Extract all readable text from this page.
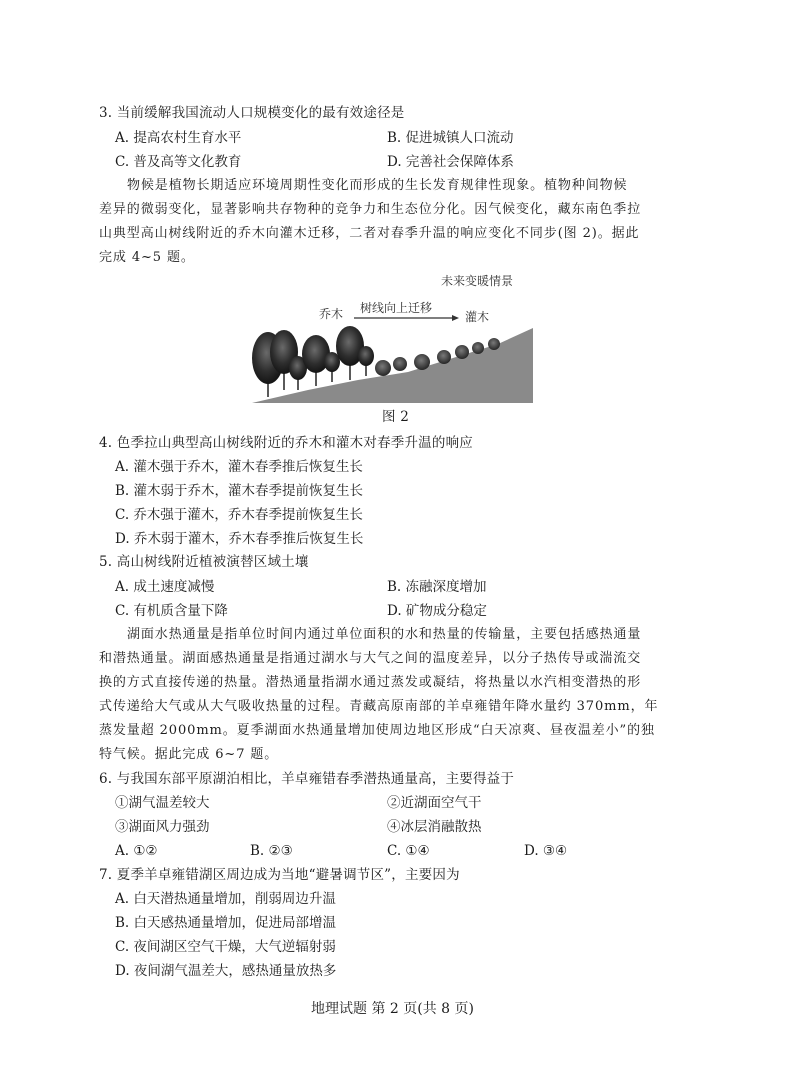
3. 当前缓解我国流动人口规模变化的最有效途径是
A. 提高农村生育水平	B. 促进城镇人口流动
C. 普及高等文化教育	D. 完善社会保障体系
物候是植物长期适应环境周期性变化而形成的生长发育规律性现象。植物种间物候
差异的微弱变化，显著影响共存物种的竞争力和生态位分化。因气候变化，藏东南色季拉
山典型高山树线附近的乔木向灌木迁移，二者对春季升温的响应变化不同步(图 2)。据此
完成 4~5 题。
未来变暖情景
乔木 树线向上迁移
灌木
图 2
4. 色季拉山典型高山树线附近的乔木和灌木对春季升温的响应
A. 灌木强于乔木，灌木春季推后恢复生长
B. 灌木弱于乔木，灌木春季提前恢复生长
C. 乔木强于灌木，乔木春季提前恢复生长
D. 乔木弱于灌木，乔木春季推后恢复生长
5. 高山树线附近植被演替区域土壤
A. 成土速度减慢	B. 冻融深度增加
C. 有机质含量下降	D. 矿物成分稳定
湖面水热通量是指单位时间内通过单位面积的水和热量的传输量，主要包括感热通量
和潜热通量。湖面感热通量是指通过湖水与大气之间的温度差异，以分子热传导或湍流交
换的方式直接传递的热量。潜热通量指湖水通过蒸发或凝结，将热量以水汽相变潜热的形
式传递给大气或从大气吸收热量的过程。青藏高原南部的羊卓雍错年降水量约 370mm，年
蒸发量超 2000mm。夏季湖面水热通量增加使周边地区形成“白天凉爽、昼夜温差小”的独
特气候。据此完成 6~7 题。
6. 与我国东部平原湖泊相比，羊卓雍错春季潜热通量高，主要得益于
①湖气温差较大	②近湖面空气干
③湖面风力强劲	④冰层消融散热
A. ①②	B. ②③	C. ①④	D. ③④
7. 夏季羊卓雍错湖区周边成为当地“避暑调节区”，主要因为
A. 白天潜热通量增加，削弱周边升温
B. 白天感热通量增加，促进局部增温
C. 夜间湖区空气干燥，大气逆辐射弱
D. 夜间湖气温差大，感热通量放热多
地理试题 第 2 页(共 8 页)
